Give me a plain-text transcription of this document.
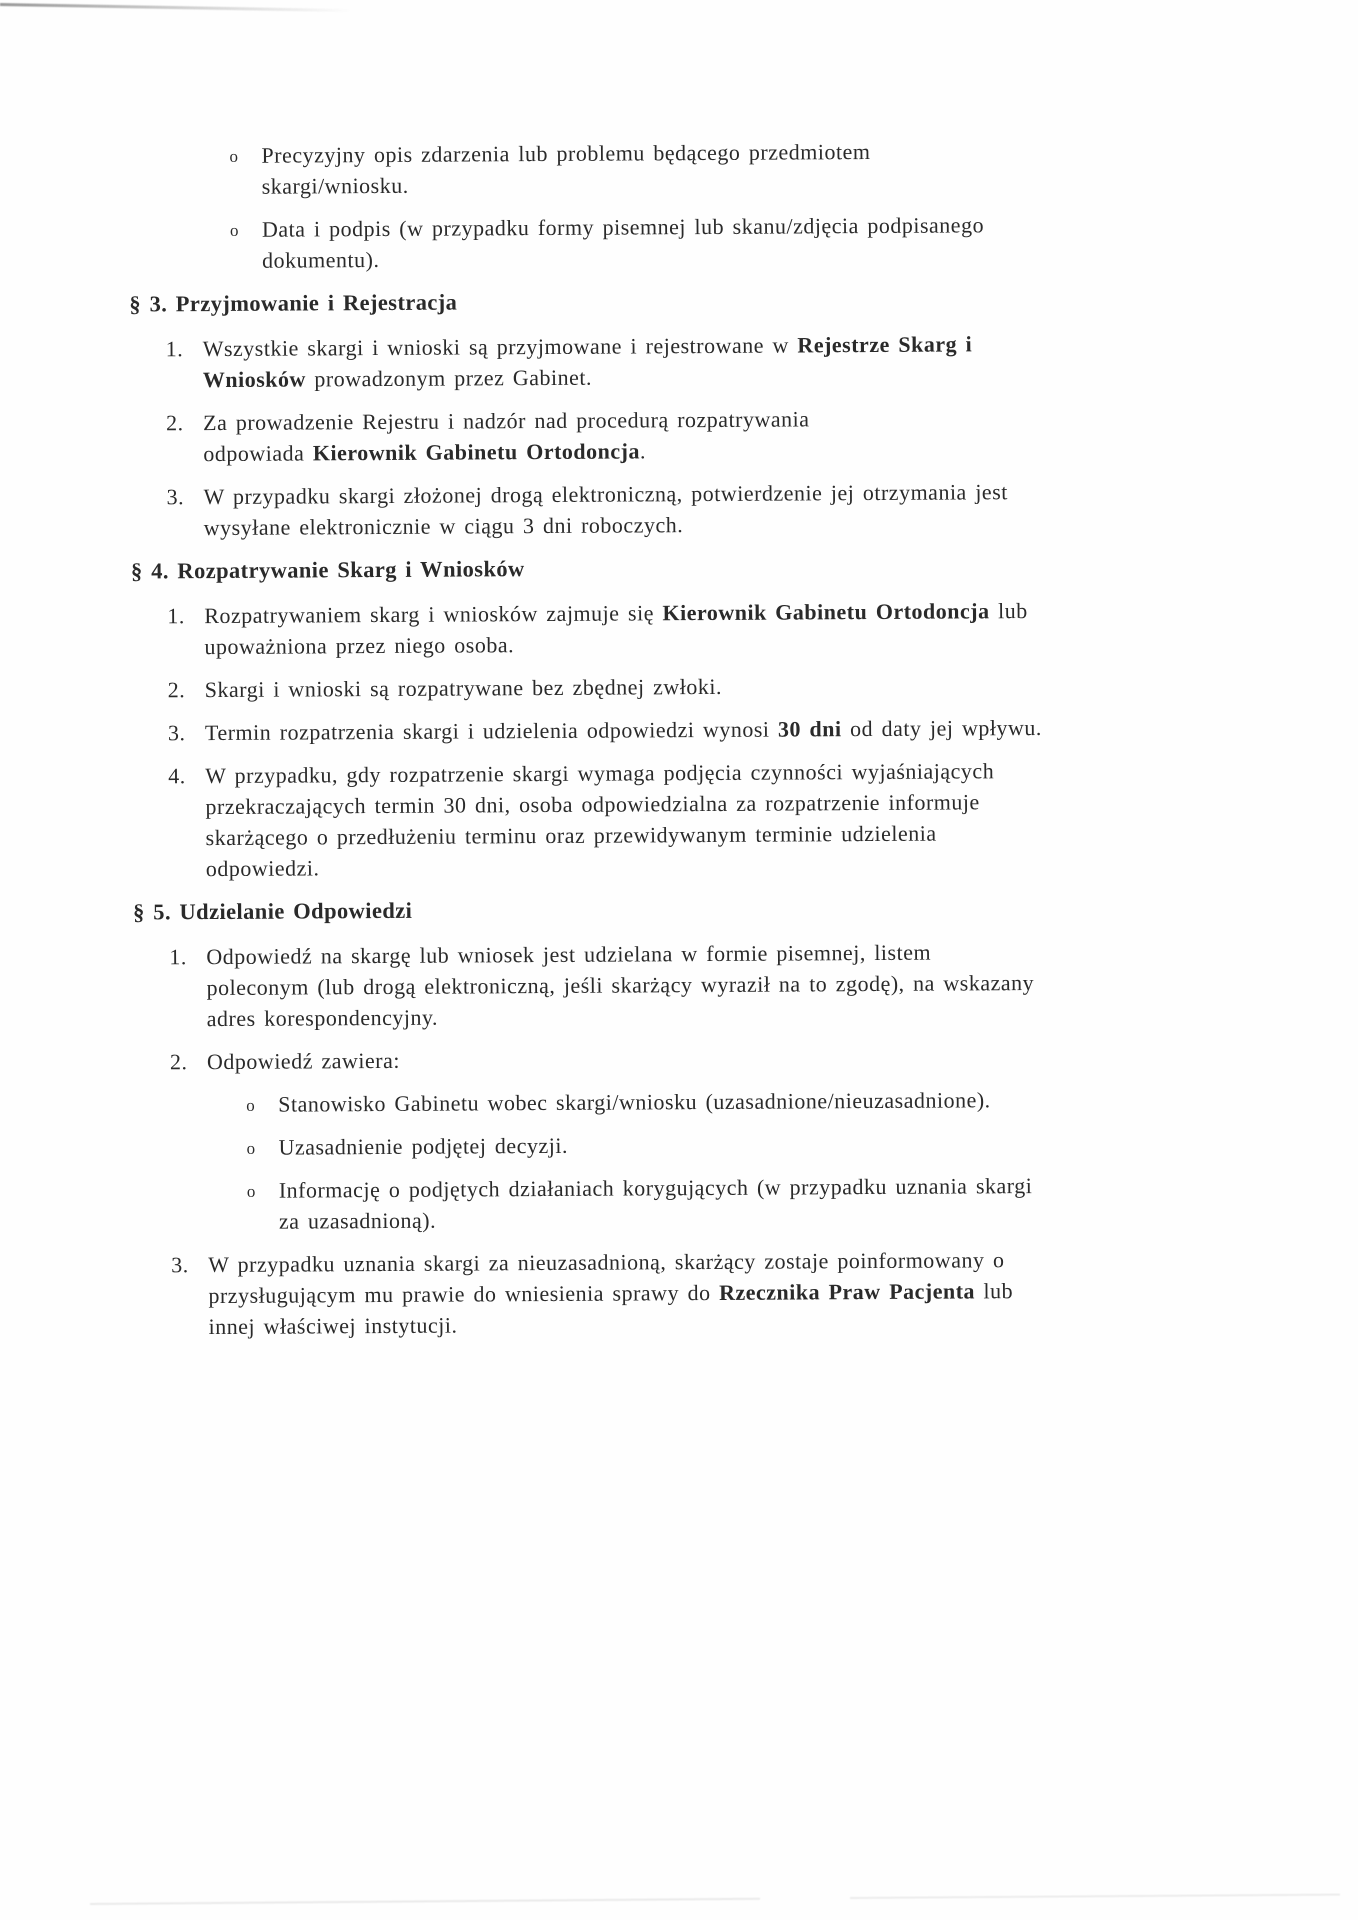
o Precyzyjny opis zdarzenia lub problemu będącego przedmiotem
skargi/wniosku.
o Data i podpis (w przypadku formy pisemnej lub skanu/zdjęcia podpisanego
dokumentu).
§ 3. Przyjmowanie i Rejestracja
1. Wszystkie skargi i wnioski są przyjmowane i rejestrowane w Rejestrze Skarg i
Wniosków prowadzonym przez Gabinet.
2. Za prowadzenie Rejestru i nadzór nad procedurą rozpatrywania
odpowiada Kierownik Gabinetu Ortodoncja.
3. W przypadku skargi złożonej drogą elektroniczną, potwierdzenie jej otrzymania jest
wysyłane elektronicznie w ciągu 3 dni roboczych.
§ 4. Rozpatrywanie Skarg i Wniosków
1. Rozpatrywaniem skarg i wniosków zajmuje się Kierownik Gabinetu Ortodoncja lub
upoważniona przez niego osoba.
2. Skargi i wnioski są rozpatrywane bez zbędnej zwłoki.
3. Termin rozpatrzenia skargi i udzielenia odpowiedzi wynosi 30 dni od daty jej wpływu.
4. W przypadku, gdy rozpatrzenie skargi wymaga podjęcia czynności wyjaśniających
przekraczających termin 30 dni, osoba odpowiedzialna za rozpatrzenie informuje
skarżącego o przedłużeniu terminu oraz przewidywanym terminie udzielenia
odpowiedzi.
§ 5. Udzielanie Odpowiedzi
1. Odpowiedź na skargę lub wniosek jest udzielana w formie pisemnej, listem
poleconym (lub drogą elektroniczną, jeśli skarżący wyraził na to zgodę), na wskazany
adres korespondencyjny.
2. Odpowiedź zawiera:
o Stanowisko Gabinetu wobec skargi/wniosku (uzasadnione/nieuzasadnione).
o Uzasadnienie podjętej decyzji.
o Informację o podjętych działaniach korygujących (w przypadku uznania skargi
za uzasadnioną).
3. W przypadku uznania skargi za nieuzasadnioną, skarżący zostaje poinformowany o
przysługującym mu prawie do wniesienia sprawy do Rzecznika Praw Pacjenta lub
innej właściwej instytucji.
